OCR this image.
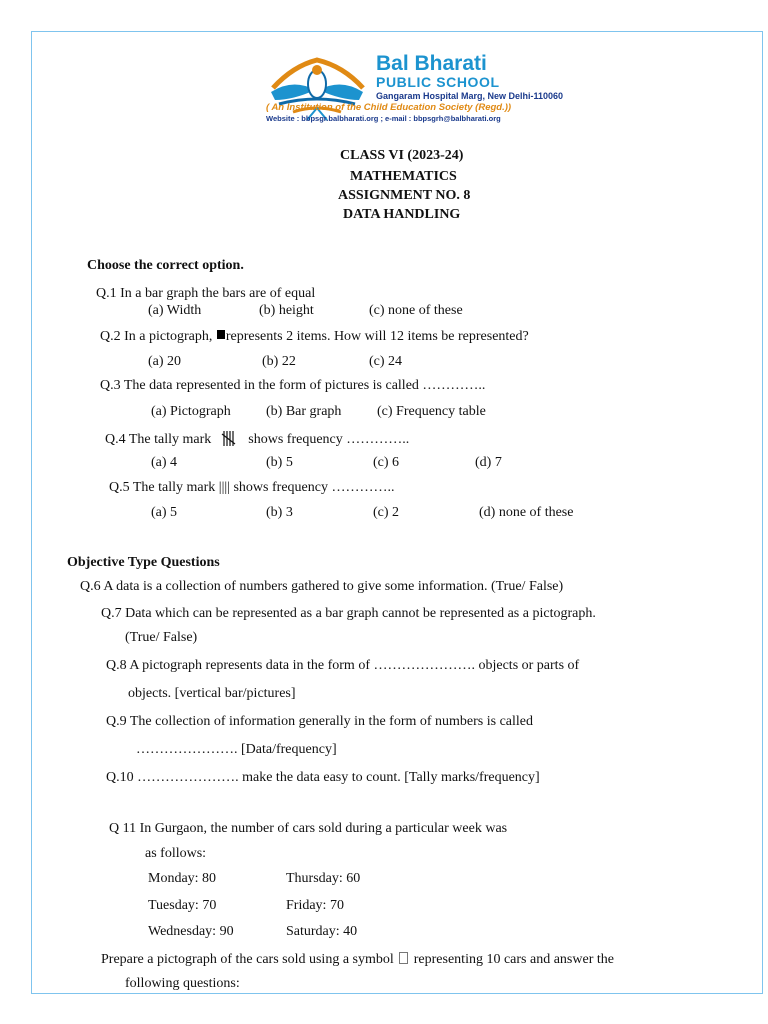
Bal Bharati
PUBLIC SCHOOL
Gangaram Hospital Marg, New Delhi-110060
( An Institution of the Child Education Society (Regd.))
Website : bbpsgr.balbharati.org ; e-mail : bbpsgrh@balbharati.org
CLASS VI (2023-24)
MATHEMATICS
ASSIGNMENT NO. 8
DATA HANDLING
Choose the correct option.
Q.1 In a bar graph the bars are of equal
(a) Width	(b) height	(c) none of these
Q.2 In a pictograph, represents 2 items. How will 12 items be represented?
(a) 20	(b) 22	(c) 24
Q.3 The data represented in the form of pictures is called …………..
(a) Pictograph	(b) Bar graph	(c) Frequency table
Q.4 The tally mark	shows frequency …………..
(a) 4	(b) 5	(c) 6	(d) 7
Q.5 The tally mark |||| shows frequency …………..
(a) 5	(b) 3	(c) 2	(d) none of these
Objective Type Questions
Q.6 A data is a collection of numbers gathered to give some information. (True/ False)
Q.7 Data which can be represented as a bar graph cannot be represented as a pictograph.
(True/ False)
Q.8 A pictograph represents data in the form of …………………. objects or parts of
objects. [vertical bar/pictures]
Q.9 The collection of information generally in the form of numbers is called
…………………. [Data/frequency]
Q.10 …………………. make the data easy to count. [Tally marks/frequency]
Q 11 In Gurgaon, the number of cars sold during a particular week was
as follows:
Monday: 80	Thursday: 60
Tuesday: 70	Friday: 70
Wednesday: 90	Saturday: 40
Prepare a pictograph of the cars sold using a symbol representing 10 cars and answer the
following questions:
